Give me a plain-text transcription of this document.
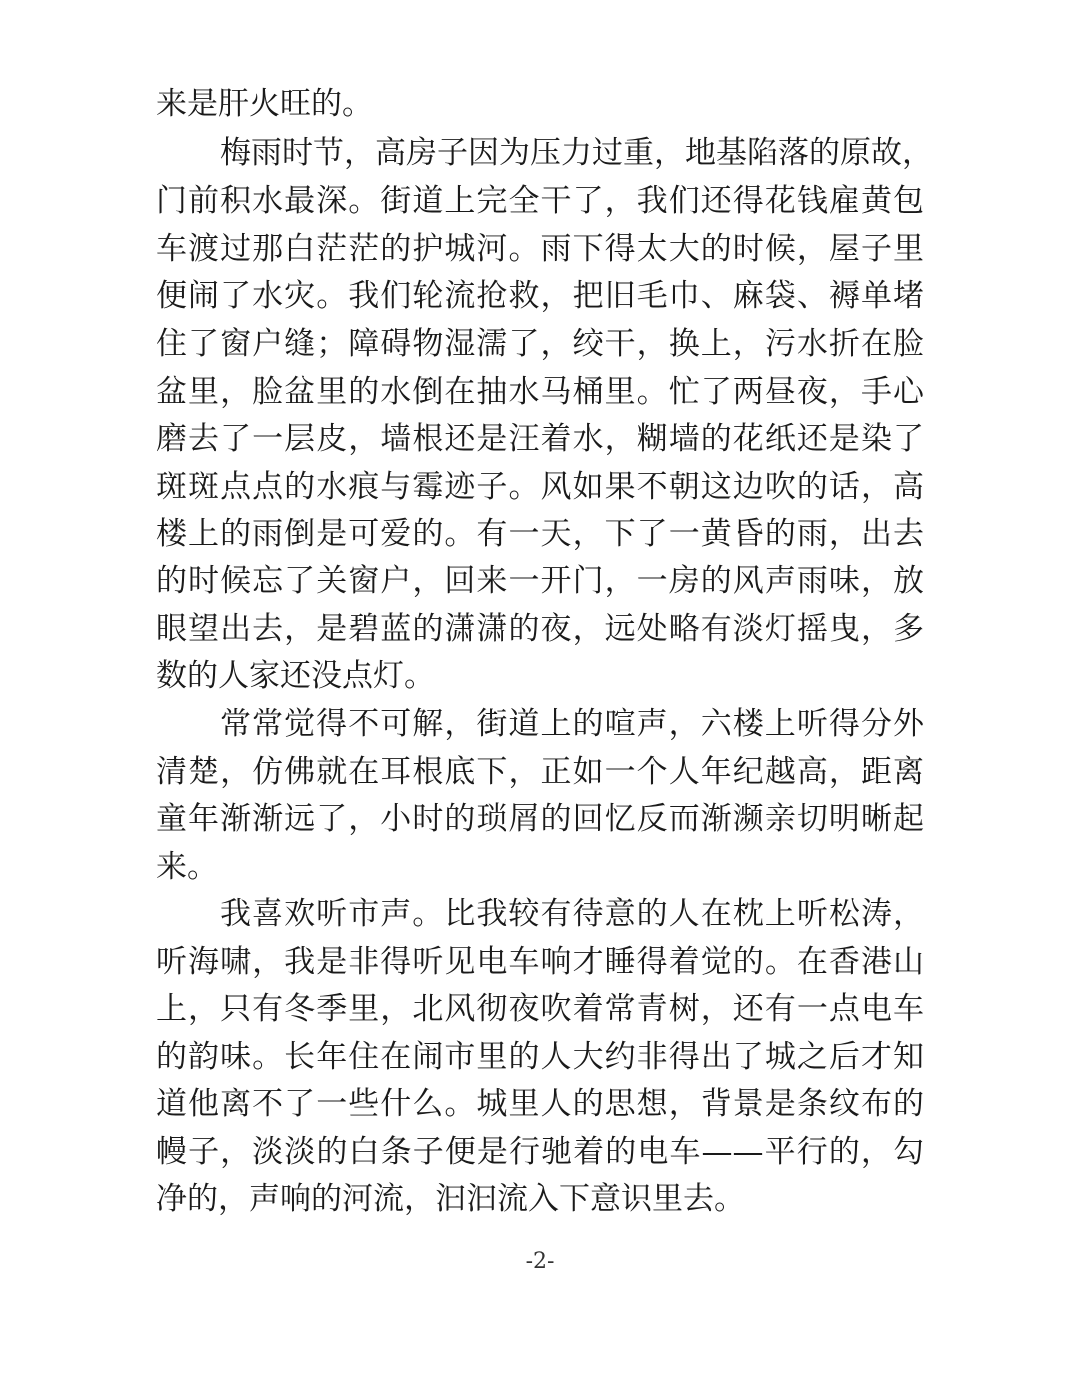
来是肝火旺的。
梅雨时节，高房子因为压力过重，地基陷落的原故，
门前积水最深。街道上完全干了，我们还得花钱雇黄包
车渡过那白茫茫的护城河。雨下得太大的时候，屋子里
便闹了水灾。我们轮流抢救，把旧毛巾、麻袋、褥单堵
住了窗户缝；障碍物湿濡了，绞干，换上，污水折在脸
盆里，脸盆里的水倒在抽水马桶里。忙了两昼夜，手心
磨去了一层皮，墙根还是汪着水，糊墙的花纸还是染了
斑斑点点的水痕与霉迹子。风如果不朝这边吹的话，高
楼上的雨倒是可爱的。有一天，下了一黄昏的雨，出去
的时候忘了关窗户，回来一开门，一房的风声雨味，放
眼望出去，是碧蓝的潇潇的夜，远处略有淡灯摇曳，多
数的人家还没点灯。
常常觉得不可解，街道上的喧声，六楼上听得分外
清楚，仿佛就在耳根底下，正如一个人年纪越高，距离
童年渐渐远了，小时的琐屑的回忆反而渐濒亲切明晰起
来。
我喜欢听市声。比我较有待意的人在枕上听松涛，
听海啸，我是非得听见电车响才睡得着觉的。在香港山
上，只有冬季里，北风彻夜吹着常青树，还有一点电车
的韵味。长年住在闹市里的人大约非得出了城之后才知
道他离不了一些什么。城里人的思想，背景是条纹布的
幔子，淡淡的白条子便是行驰着的电车——平行的，勾
净的，声响的河流，汩汩流入下意识里去。
-2-
